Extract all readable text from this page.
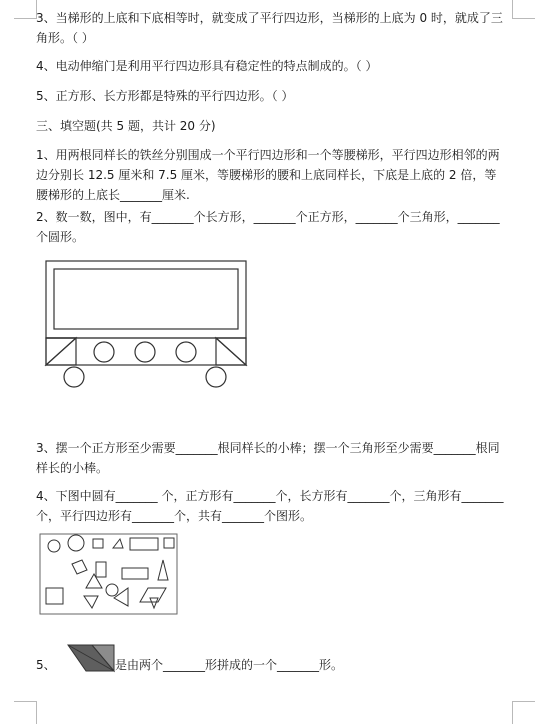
3、当梯形的上底和下底相等时，就变成了平行四边形，当梯形的上底为 0 时，就成了三角形。（ ）

4、电动伸缩门是利用平行四边形具有稳定性的特点制成的。（ ）

5、正方形、长方形都是特殊的平行四边形。（ ）

三、填空题(共 5 题，共计 20 分)

1、用两根同样长的铁丝分别围成一个平行四边形和一个等腰梯形，平行四边形相邻的两边分别长 12.5 厘米和 7.5 厘米，等腰梯形的腰和上底同样长，下底是上底的 2 倍，等腰梯形的上底长_______厘米.

2、数一数，图中，有_______个长方形，_______个正方形，_______个三角形，_______个圆形。

3、摆一个正方形至少需要_______根同样长的小棒；摆一个三角形至少需要_______根同样长的小棒。

4、下图中圆有_______ 个，正方形有_______个，长方形有_______个，三角形有_______个，平行四边形有_______个，共有_______个图形。

5、	是由两个_______形拼成的一个_______形。
